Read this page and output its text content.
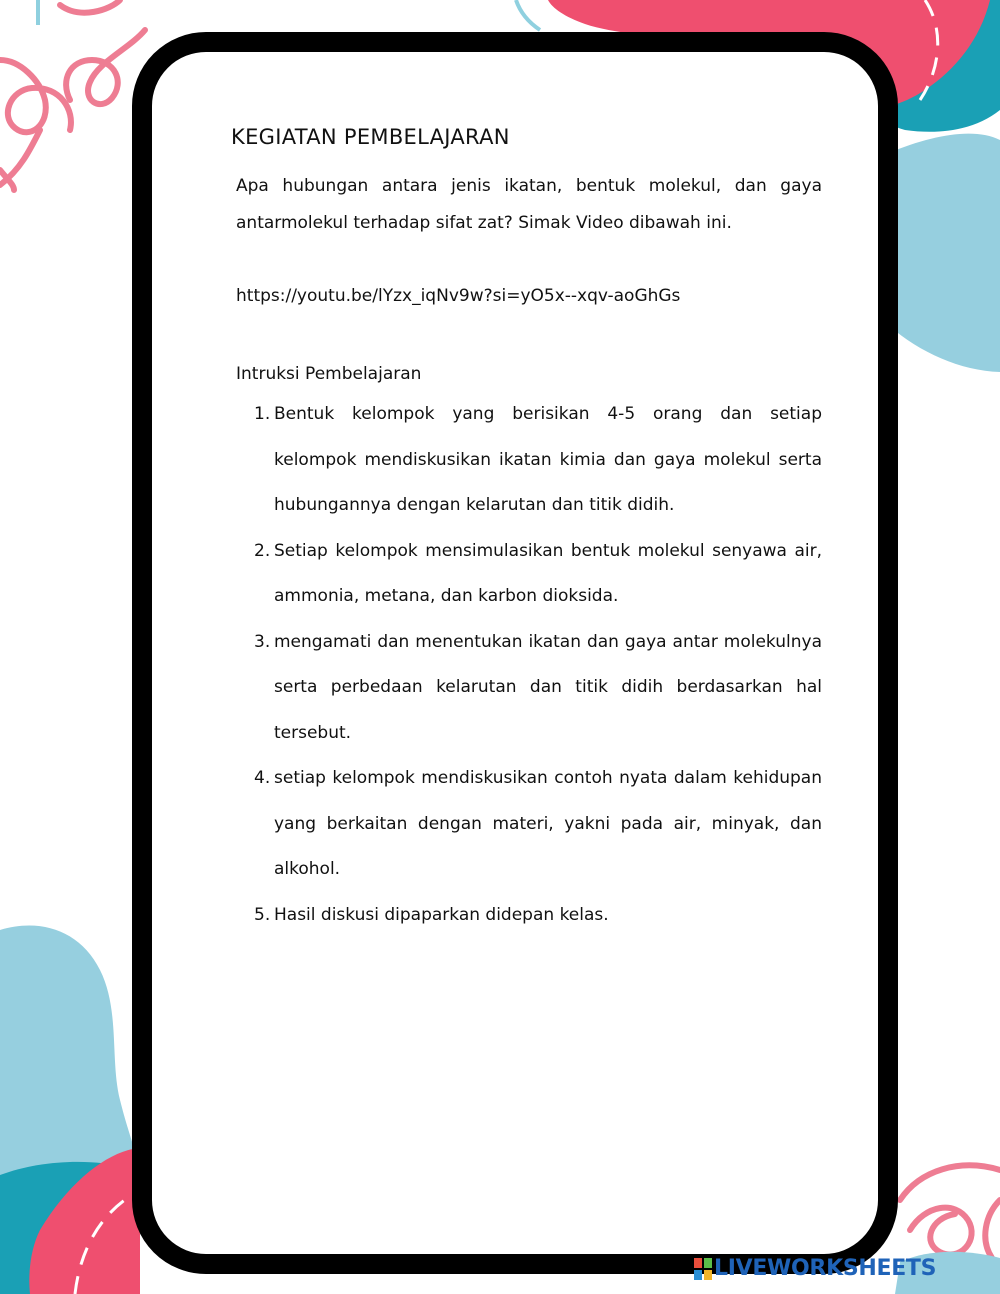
KEGIATAN PEMBELAJARAN

Apa hubungan antara jenis ikatan, bentuk molekul, dan gaya antarmolekul terhadap sifat zat? Simak Video dibawah ini.

https://youtu.be/lYzx_iqNv9w?si=yO5x--xqv-aoGhGs

Intruksi Pembelajaran

1. Bentuk kelompok yang berisikan 4-5 orang dan setiap kelompok mendiskusikan ikatan kimia dan gaya molekul serta hubungannya dengan kelarutan dan titik didih.
2. Setiap kelompok mensimulasikan bentuk molekul senyawa air, ammonia, metana, dan karbon dioksida.
3. mengamati dan menentukan ikatan dan gaya antar molekulnya serta perbedaan kelarutan dan titik didih berdasarkan hal tersebut.
4. setiap kelompok mendiskusikan contoh nyata dalam kehidupan yang berkaitan dengan materi, yakni pada air, minyak, dan alkohol.
5. Hasil diskusi dipaparkan didepan kelas.
LIVEWORKSHEETS
